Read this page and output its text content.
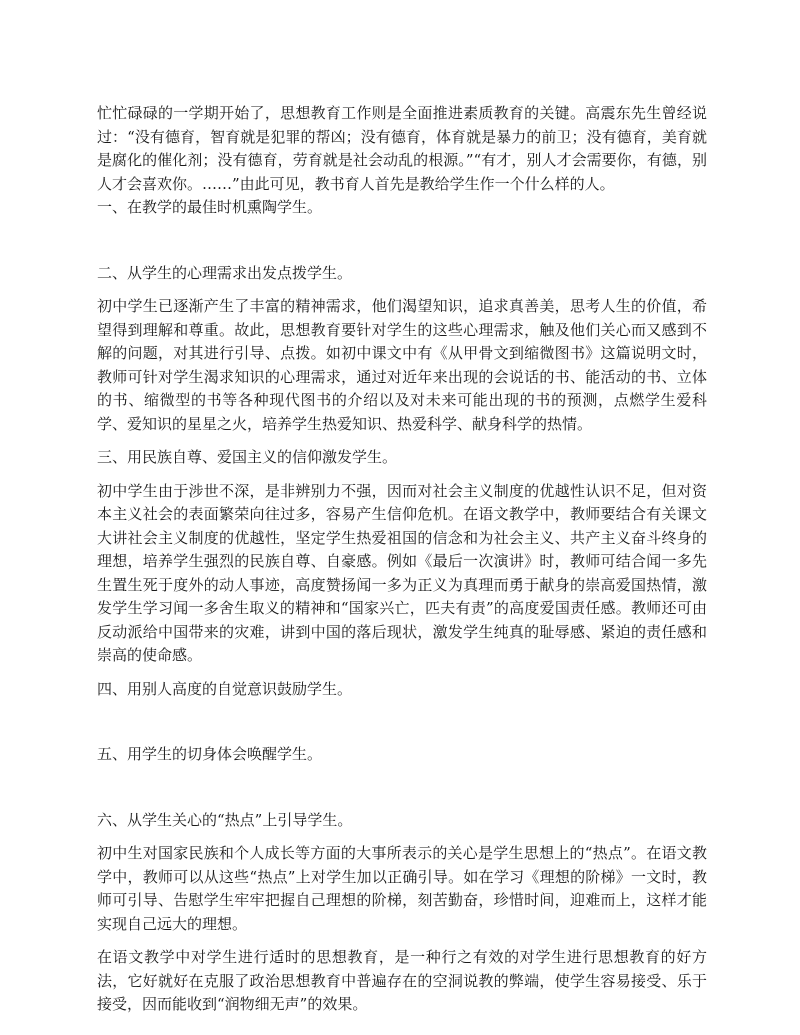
忙忙碌碌的一学期开始了，思想教育工作则是全面推进素质教育的关键。高震东先生曾经说过：“没有德育，智育就是犯罪的帮凶；没有德育，体育就是暴力的前卫；没有德育，美育就是腐化的催化剂；没有德育，劳育就是社会动乱的根源。”“有才，别人才会需要你，有德，别人才会喜欢你。……”由此可见，教书育人首先是教给学生作一个什么样的人。

一、在教学的最佳时机熏陶学生。

二、从学生的心理需求出发点拨学生。

初中学生已逐渐产生了丰富的精神需求，他们渴望知识，追求真善美，思考人生的价值，希望得到理解和尊重。故此，思想教育要针对学生的这些心理需求，触及他们关心而又感到不解的问题，对其进行引导、点拨。如初中课文中有《从甲骨文到缩微图书》这篇说明文时，教师可针对学生渴求知识的心理需求，通过对近年来出现的会说话的书、能活动的书、立体的书、缩微型的书等各种现代图书的介绍以及对未来可能出现的书的预测，点燃学生爱科学、爱知识的星星之火，培养学生热爱知识、热爱科学、献身科学的热情。

三、用民族自尊、爱国主义的信仰激发学生。

初中学生由于涉世不深，是非辨别力不强，因而对社会主义制度的优越性认识不足，但对资本主义社会的表面繁荣向往过多，容易产生信仰危机。在语文教学中，教师要结合有关课文大讲社会主义制度的优越性，坚定学生热爱祖国的信念和为社会主义、共产主义奋斗终身的理想，培养学生强烈的民族自尊、自豪感。例如《最后一次演讲》时，教师可结合闻一多先生置生死于度外的动人事迹，高度赞扬闻一多为正义为真理而勇于献身的崇高爱国热情，激发学生学习闻一多舍生取义的精神和“国家兴亡，匹夫有责”的高度爱国责任感。教师还可由反动派给中国带来的灾难，讲到中国的落后现状，激发学生纯真的耻辱感、紧迫的责任感和崇高的使命感。

四、用别人高度的自觉意识鼓励学生。

五、用学生的切身体会唤醒学生。

六、从学生关心的“热点”上引导学生。

初中生对国家民族和个人成长等方面的大事所表示的关心是学生思想上的“热点”。在语文教学中，教师可以从这些“热点”上对学生加以正确引导。如在学习《理想的阶梯》一文时，教师可引导、告慰学生牢牢把握自己理想的阶梯，刻苦勤奋，珍惜时间，迎难而上，这样才能实现自己远大的理想。

在语文教学中对学生进行适时的思想教育，是一种行之有效的对学生进行思想教育的好方法，它好就好在克服了政治思想教育中普遍存在的空洞说教的弊端，使学生容易接受、乐于接受，因而能收到“润物细无声”的效果。
